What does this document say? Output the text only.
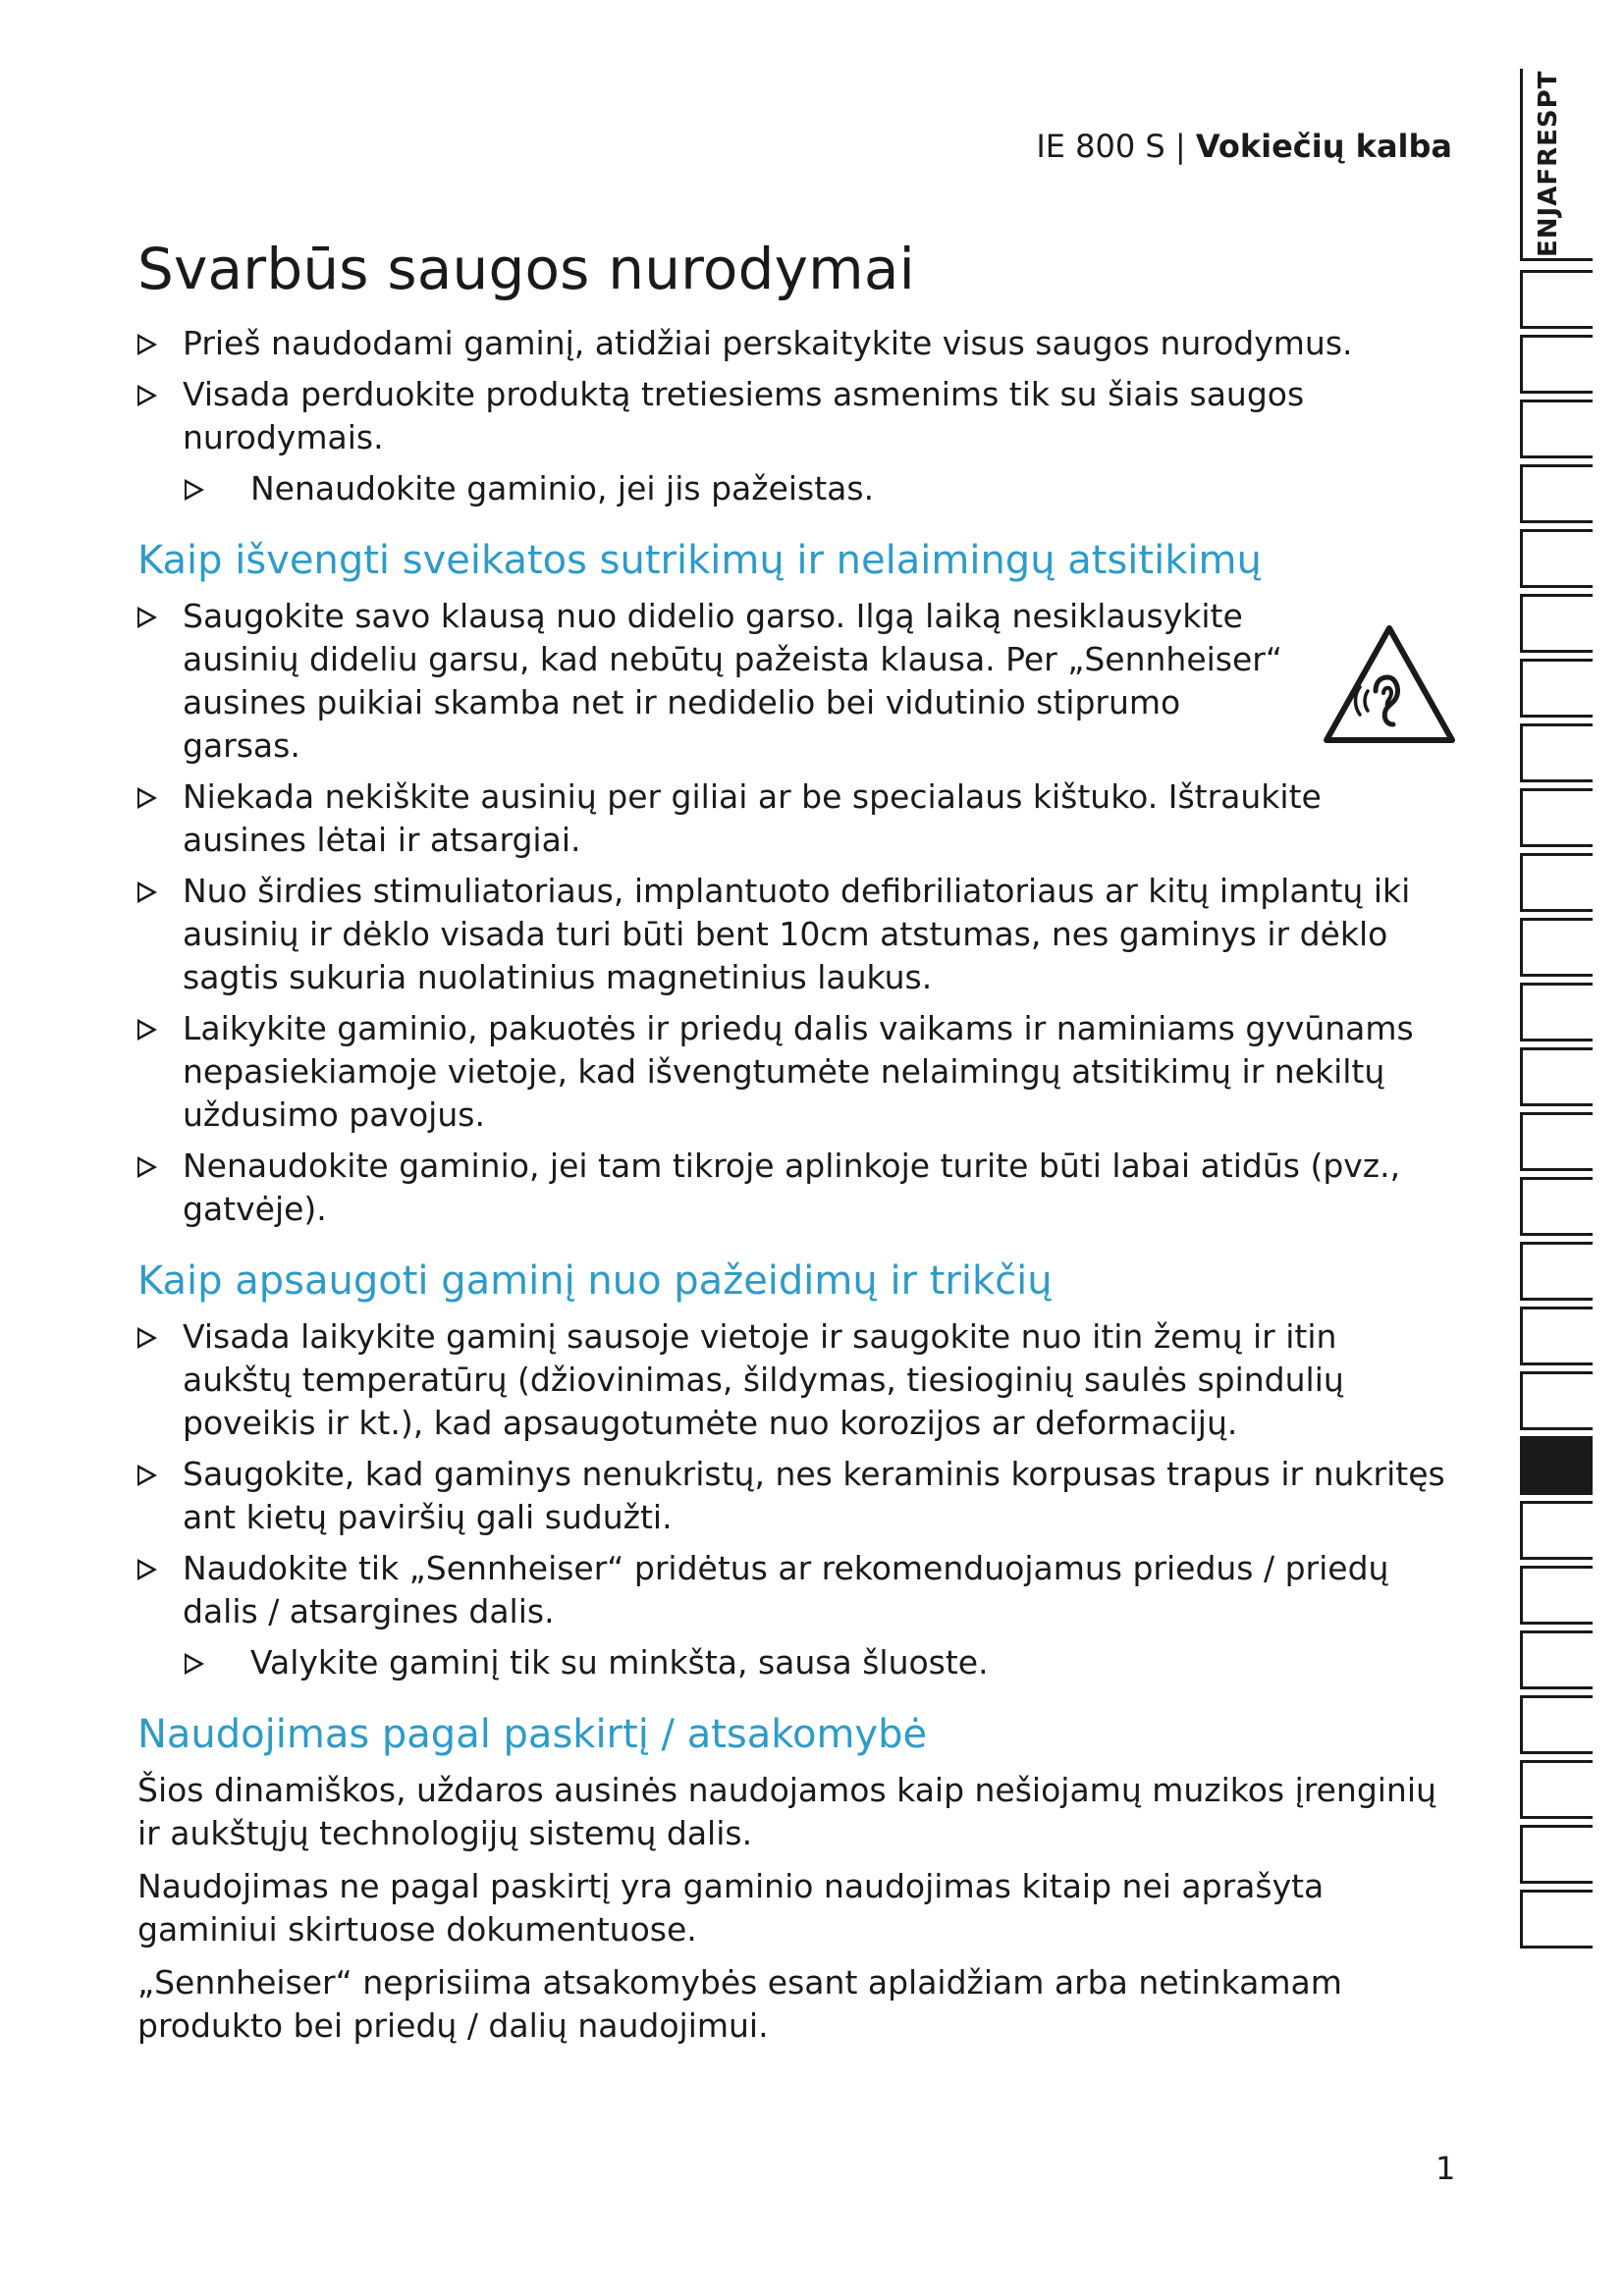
IE 800 S | Vokiečių kalba	ENJAFRESPT
Svarbūs saugos nurodymai
Prieš naudodami gaminį, atidžiai perskaitykite visus saugos nurodymus.
Visada perduokite produktą tretiesiems asmenims tik su šiais saugos nurodymais.
Nenaudokite gaminio, jei jis pažeistas.
Kaip išvengti sveikatos sutrikimų ir nelaimingų atsitikimų
Saugokite savo klausą nuo didelio garso. Ilgą laiką nesiklausykite ausinių dideliu garsu, kad nebūtų pažeista klausa. Per „Sennheiser“ ausines puikiai skamba net ir nedidelio bei vidutinio stiprumo garsas.
Niekada nekiškite ausinių per giliai ar be specialaus kištuko. Ištraukite ausines lėtai ir atsargiai.
Nuo širdies stimuliatoriaus, implantuoto defibriliatoriaus ar kitų implantų iki ausinių ir dėklo visada turi būti bent 10cm atstumas, nes gaminys ir dėklo sagtis sukuria nuolatinius magnetinius laukus.
Laikykite gaminio, pakuotės ir priedų dalis vaikams ir naminiams gyvūnams nepasiekiamoje vietoje, kad išvengtumėte nelaimingų atsitikimų ir nekiltų uždusimo pavojus.
Nenaudokite gaminio, jei tam tikroje aplinkoje turite būti labai atidūs (pvz., gatvėje).
Kaip apsaugoti gaminį nuo pažeidimų ir trikčių
Visada laikykite gaminį sausoje vietoje ir saugokite nuo itin žemų ir itin aukštų temperatūrų (džiovinimas, šildymas, tiesioginių saulės spindulių poveikis ir kt.), kad apsaugotumėte nuo korozijos ar deformacijų.
Saugokite, kad gaminys nenukristų, nes keraminis korpusas trapus ir nukritęs ant kietų paviršių gali sudužti.
Naudokite tik „Sennheiser“ pridėtus ar rekomenduojamus priedus / priedų dalis / atsargines dalis.
Valykite gaminį tik su minkšta, sausa šluoste.
Naudojimas pagal paskirtį / atsakomybė

Šios dinamiškos, uždaros ausinės naudojamos kaip nešiojamų muzikos įrenginių ir aukštųjų technologijų sistemų dalis.

Naudojimas ne pagal paskirtį yra gaminio naudojimas kitaip nei aprašyta gaminiui skirtuose dokumentuose.

„Sennheiser“ neprisiima atsakomybės esant aplaidžiam arba netinkamam produkto bei priedų / dalių naudojimui.

1
